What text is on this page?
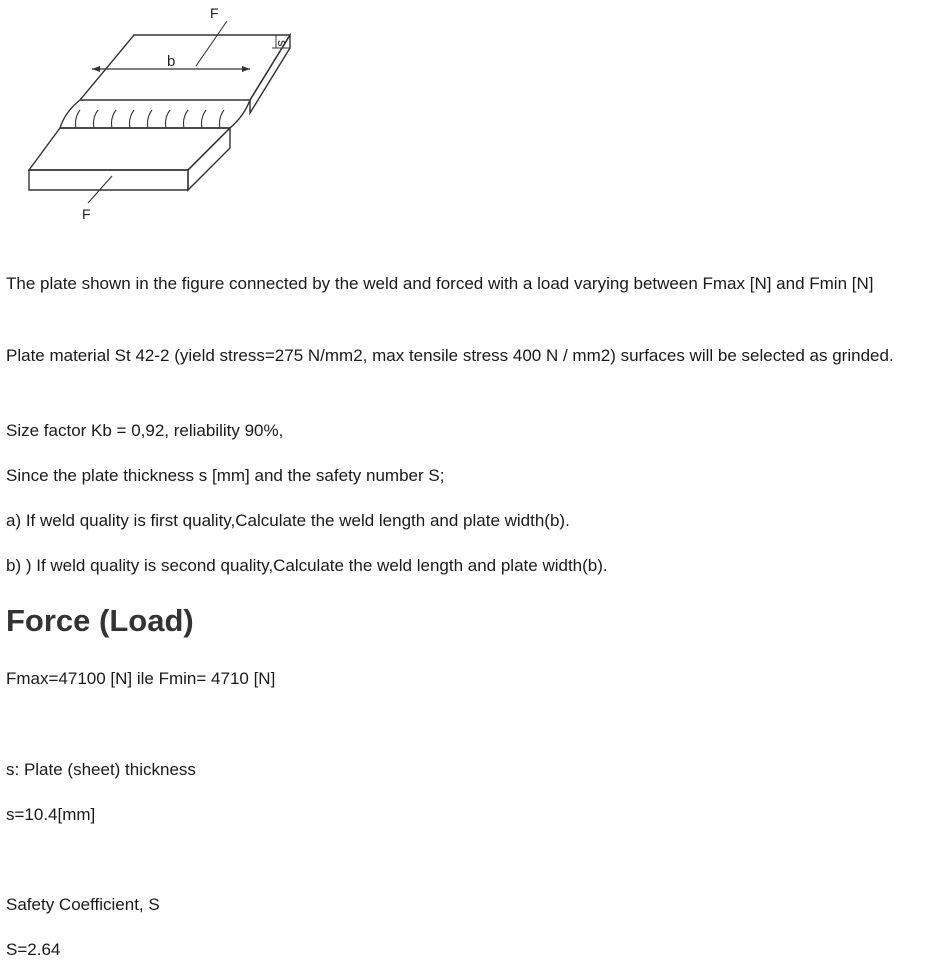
b
s
F
F
The plate shown in the figure connected by the weld and forced with a load varying between Fmax [N] and Fmin [N]
Plate material St 42-2 (yield stress=275 N/mm2, max tensile stress 400 N / mm2) surfaces will be selected as grinded.
Size factor Kb = 0,92, reliability 90%,
Since the plate thickness s [mm] and the safety number S;
a) If weld quality is first quality,Calculate the weld length and plate width(b).
b) ) If weld quality is second quality,Calculate the weld length and plate width(b).
Force (Load)
Fmax=47100 [N] ile Fmin= 4710 [N]
s: Plate (sheet) thickness
s=10.4[mm]
Safety Coefficient, S
S=2.64
